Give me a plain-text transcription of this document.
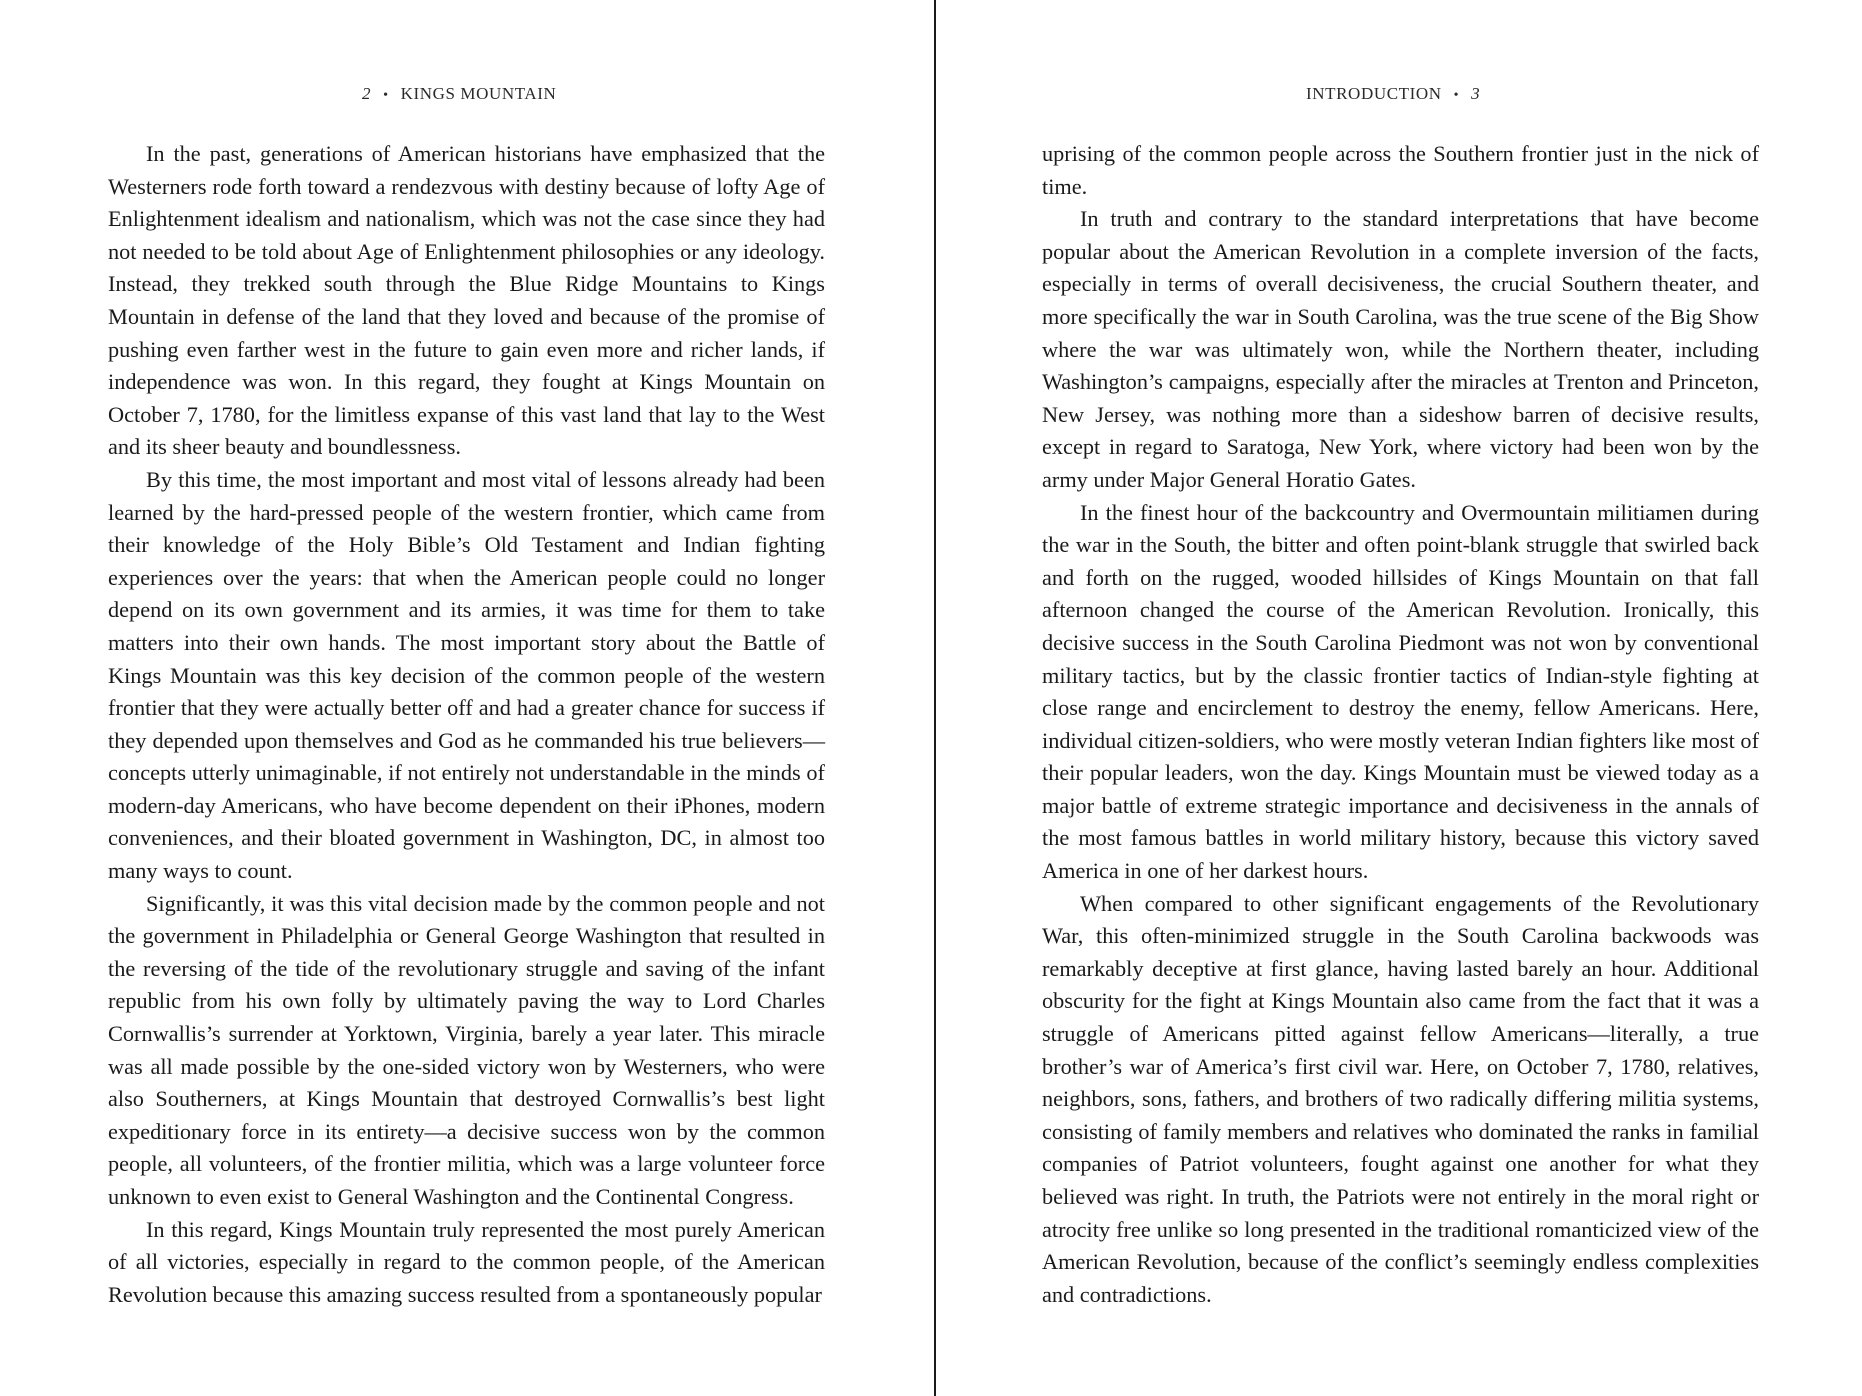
2 • KINGS MOUNTAIN

In the past, generations of American historians have emphasized that the Westerners rode forth toward a rendezvous with destiny because of lofty Age of Enlightenment idealism and nationalism, which was not the case since they had not needed to be told about Age of Enlightenment philosophies or any ideology. Instead, they trekked south through the Blue Ridge Mountains to Kings Mountain in defense of the land that they loved and because of the promise of pushing even farther west in the future to gain even more and richer lands, if independence was won. In this regard, they fought at Kings Mountain on October 7, 1780, for the limitless expanse of this vast land that lay to the West and its sheer beauty and boundlessness.

By this time, the most important and most vital of lessons already had been learned by the hard-pressed people of the western frontier, which came from their knowledge of the Holy Bible’s Old Testament and Indian fighting experiences over the years: that when the American people could no longer depend on its own government and its armies, it was time for them to take matters into their own hands. The most important story about the Battle of Kings Mountain was this key decision of the common people of the western frontier that they were actually better off and had a greater chance for success if they depended upon themselves and God as he commanded his true believers—concepts utterly unimaginable, if not entirely not understandable in the minds of modern-day Americans, who have become dependent on their iPhones, modern conveniences, and their bloated government in Washington, DC, in almost too many ways to count.

Significantly, it was this vital decision made by the common people and not the government in Philadelphia or General George Washington that resulted in the reversing of the tide of the revolutionary struggle and saving of the infant republic from his own folly by ultimately paving the way to Lord Charles Cornwallis’s surrender at Yorktown, Virginia, barely a year later. This miracle was all made possible by the one-sided victory won by Westerners, who were also Southerners, at Kings Mountain that destroyed Cornwallis’s best light expeditionary force in its entirety—a decisive success won by the common people, all volunteers, of the frontier militia, which was a large volunteer force unknown to even exist to General Washington and the Continental Congress.

In this regard, Kings Mountain truly represented the most purely American of all victories, especially in regard to the common people, of the American Revolution because this amazing success resulted from a spontaneously popular

INTRODUCTION • 3

uprising of the common people across the Southern frontier just in the nick of time.

In truth and contrary to the standard interpretations that have become popular about the American Revolution in a complete inversion of the facts, especially in terms of overall decisiveness, the crucial Southern theater, and more specifically the war in South Carolina, was the true scene of the Big Show where the war was ultimately won, while the Northern theater, including Washington’s campaigns, especially after the miracles at Trenton and Princeton, New Jersey, was nothing more than a sideshow barren of decisive results, except in regard to Saratoga, New York, where victory had been won by the army under Major General Horatio Gates.

In the finest hour of the backcountry and Overmountain militiamen during the war in the South, the bitter and often point-blank struggle that swirled back and forth on the rugged, wooded hillsides of Kings Mountain on that fall afternoon changed the course of the American Revolution. Ironically, this decisive success in the South Carolina Piedmont was not won by conventional military tactics, but by the classic frontier tactics of Indian-style fighting at close range and encirclement to destroy the enemy, fellow Americans. Here, individual citizen-soldiers, who were mostly veteran Indian fighters like most of their popular leaders, won the day. Kings Mountain must be viewed today as a major battle of extreme strategic importance and decisiveness in the annals of the most famous battles in world military history, because this victory saved America in one of her darkest hours.

When compared to other significant engagements of the Revolutionary War, this often-minimized struggle in the South Carolina backwoods was remarkably deceptive at first glance, having lasted barely an hour. Additional obscurity for the fight at Kings Mountain also came from the fact that it was a struggle of Americans pitted against fellow Americans—literally, a true brother’s war of America’s first civil war. Here, on October 7, 1780, relatives, neighbors, sons, fathers, and brothers of two radically differing militia systems, consisting of family members and relatives who dominated the ranks in familial companies of Patriot volunteers, fought against one another for what they believed was right. In truth, the Patriots were not entirely in the moral right or atrocity free unlike so long presented in the traditional romanticized view of the American Revolution, because of the conflict’s seemingly endless complexities and contradictions.
